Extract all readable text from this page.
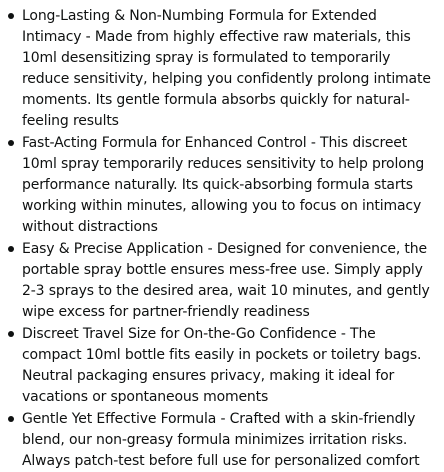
Long-Lasting & Non-Numbing Formula for Extended Intimacy - Made from highly effective raw materials, this 10ml desensitizing spray is formulated to temporarily reduce sensitivity, helping you confidently prolong intimate moments. Its gentle formula absorbs quickly for natural-feeling results
Fast-Acting Formula for Enhanced Control - This discreet 10ml spray temporarily reduces sensitivity to help prolong performance naturally. Its quick-absorbing formula starts working within minutes, allowing you to focus on intimacy without distractions
Easy & Precise Application - Designed for convenience, the portable spray bottle ensures mess-free use. Simply apply 2-3 sprays to the desired area, wait 10 minutes, and gently wipe excess for partner-friendly readiness
Discreet Travel Size for On-the-Go Confidence - The compact 10ml bottle fits easily in pockets or toiletry bags. Neutral packaging ensures privacy, making it ideal for vacations or spontaneous moments
Gentle Yet Effective Formula - Crafted with a skin-friendly blend, our non-greasy formula minimizes irritation risks. Always patch-test before full use for personalized comfort
